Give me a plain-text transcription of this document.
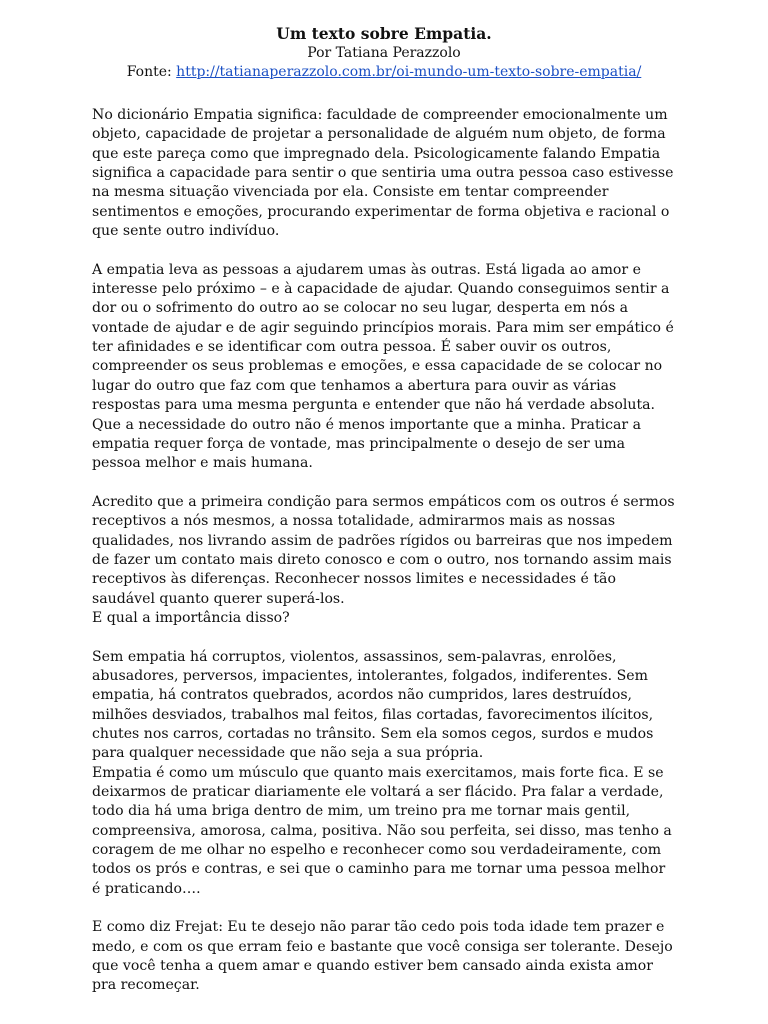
Um texto sobre Empatia.

Por Tatiana Perazzolo

Fonte: http://tatianaperazzolo.com.br/oi-mundo-um-texto-sobre-empatia/

No dicionário Empatia significa: faculdade de compreender emocionalmente um objeto, capacidade de projetar a personalidade de alguém num objeto, de forma que este pareça como que impregnado dela. Psicologicamente falando Empatia significa a capacidade para sentir o que sentiria uma outra pessoa caso estivesse na mesma situação vivenciada por ela. Consiste em tentar compreender sentimentos e emoções, procurando experimentar de forma objetiva e racional o que sente outro indivíduo.

A empatia leva as pessoas a ajudarem umas às outras. Está ligada ao amor e interesse pelo próximo – e à capacidade de ajudar. Quando conseguimos sentir a dor ou o sofrimento do outro ao se colocar no seu lugar, desperta em nós a vontade de ajudar e de agir seguindo princípios morais. Para mim ser empático é ter afinidades e se identificar com outra pessoa. É saber ouvir os outros, compreender os seus problemas e emoções, e essa capacidade de se colocar no lugar do outro que faz com que tenhamos a abertura para ouvir as várias respostas para uma mesma pergunta e entender que não há verdade absoluta. Que a necessidade do outro não é menos importante que a minha. Praticar a empatia requer força de vontade, mas principalmente o desejo de ser uma pessoa melhor e mais humana.

Acredito que a primeira condição para sermos empáticos com os outros é sermos receptivos a nós mesmos, a nossa totalidade, admirarmos mais as nossas qualidades, nos livrando assim de padrões rígidos ou barreiras que nos impedem de fazer um contato mais direto conosco e com o outro, nos tornando assim mais receptivos às diferenças. Reconhecer nossos limites e necessidades é tão saudável quanto querer superá-los.

E qual a importância disso?

Sem empatia há corruptos, violentos, assassinos, sem-palavras, enrolões, abusadores, perversos, impacientes, intolerantes, folgados, indiferentes. Sem empatia, há contratos quebrados, acordos não cumpridos, lares destruídos, milhões desviados, trabalhos mal feitos, filas cortadas, favorecimentos ilícitos, chutes nos carros, cortadas no trânsito. Sem ela somos cegos, surdos e mudos para qualquer necessidade que não seja a sua própria.

Empatia é como um músculo que quanto mais exercitamos, mais forte fica. E se deixarmos de praticar diariamente ele voltará a ser flácido. Pra falar a verdade, todo dia há uma briga dentro de mim, um treino pra me tornar mais gentil, compreensiva, amorosa, calma, positiva. Não sou perfeita, sei disso, mas tenho a coragem de me olhar no espelho e reconhecer como sou verdadeiramente, com todos os prós e contras, e sei que o caminho para me tornar uma pessoa melhor é praticando….

E como diz Frejat: Eu te desejo não parar tão cedo pois toda idade tem prazer e medo, e com os que erram feio e bastante que você consiga ser tolerante. Desejo que você tenha a quem amar e quando estiver bem cansado ainda exista amor pra recomeçar.
